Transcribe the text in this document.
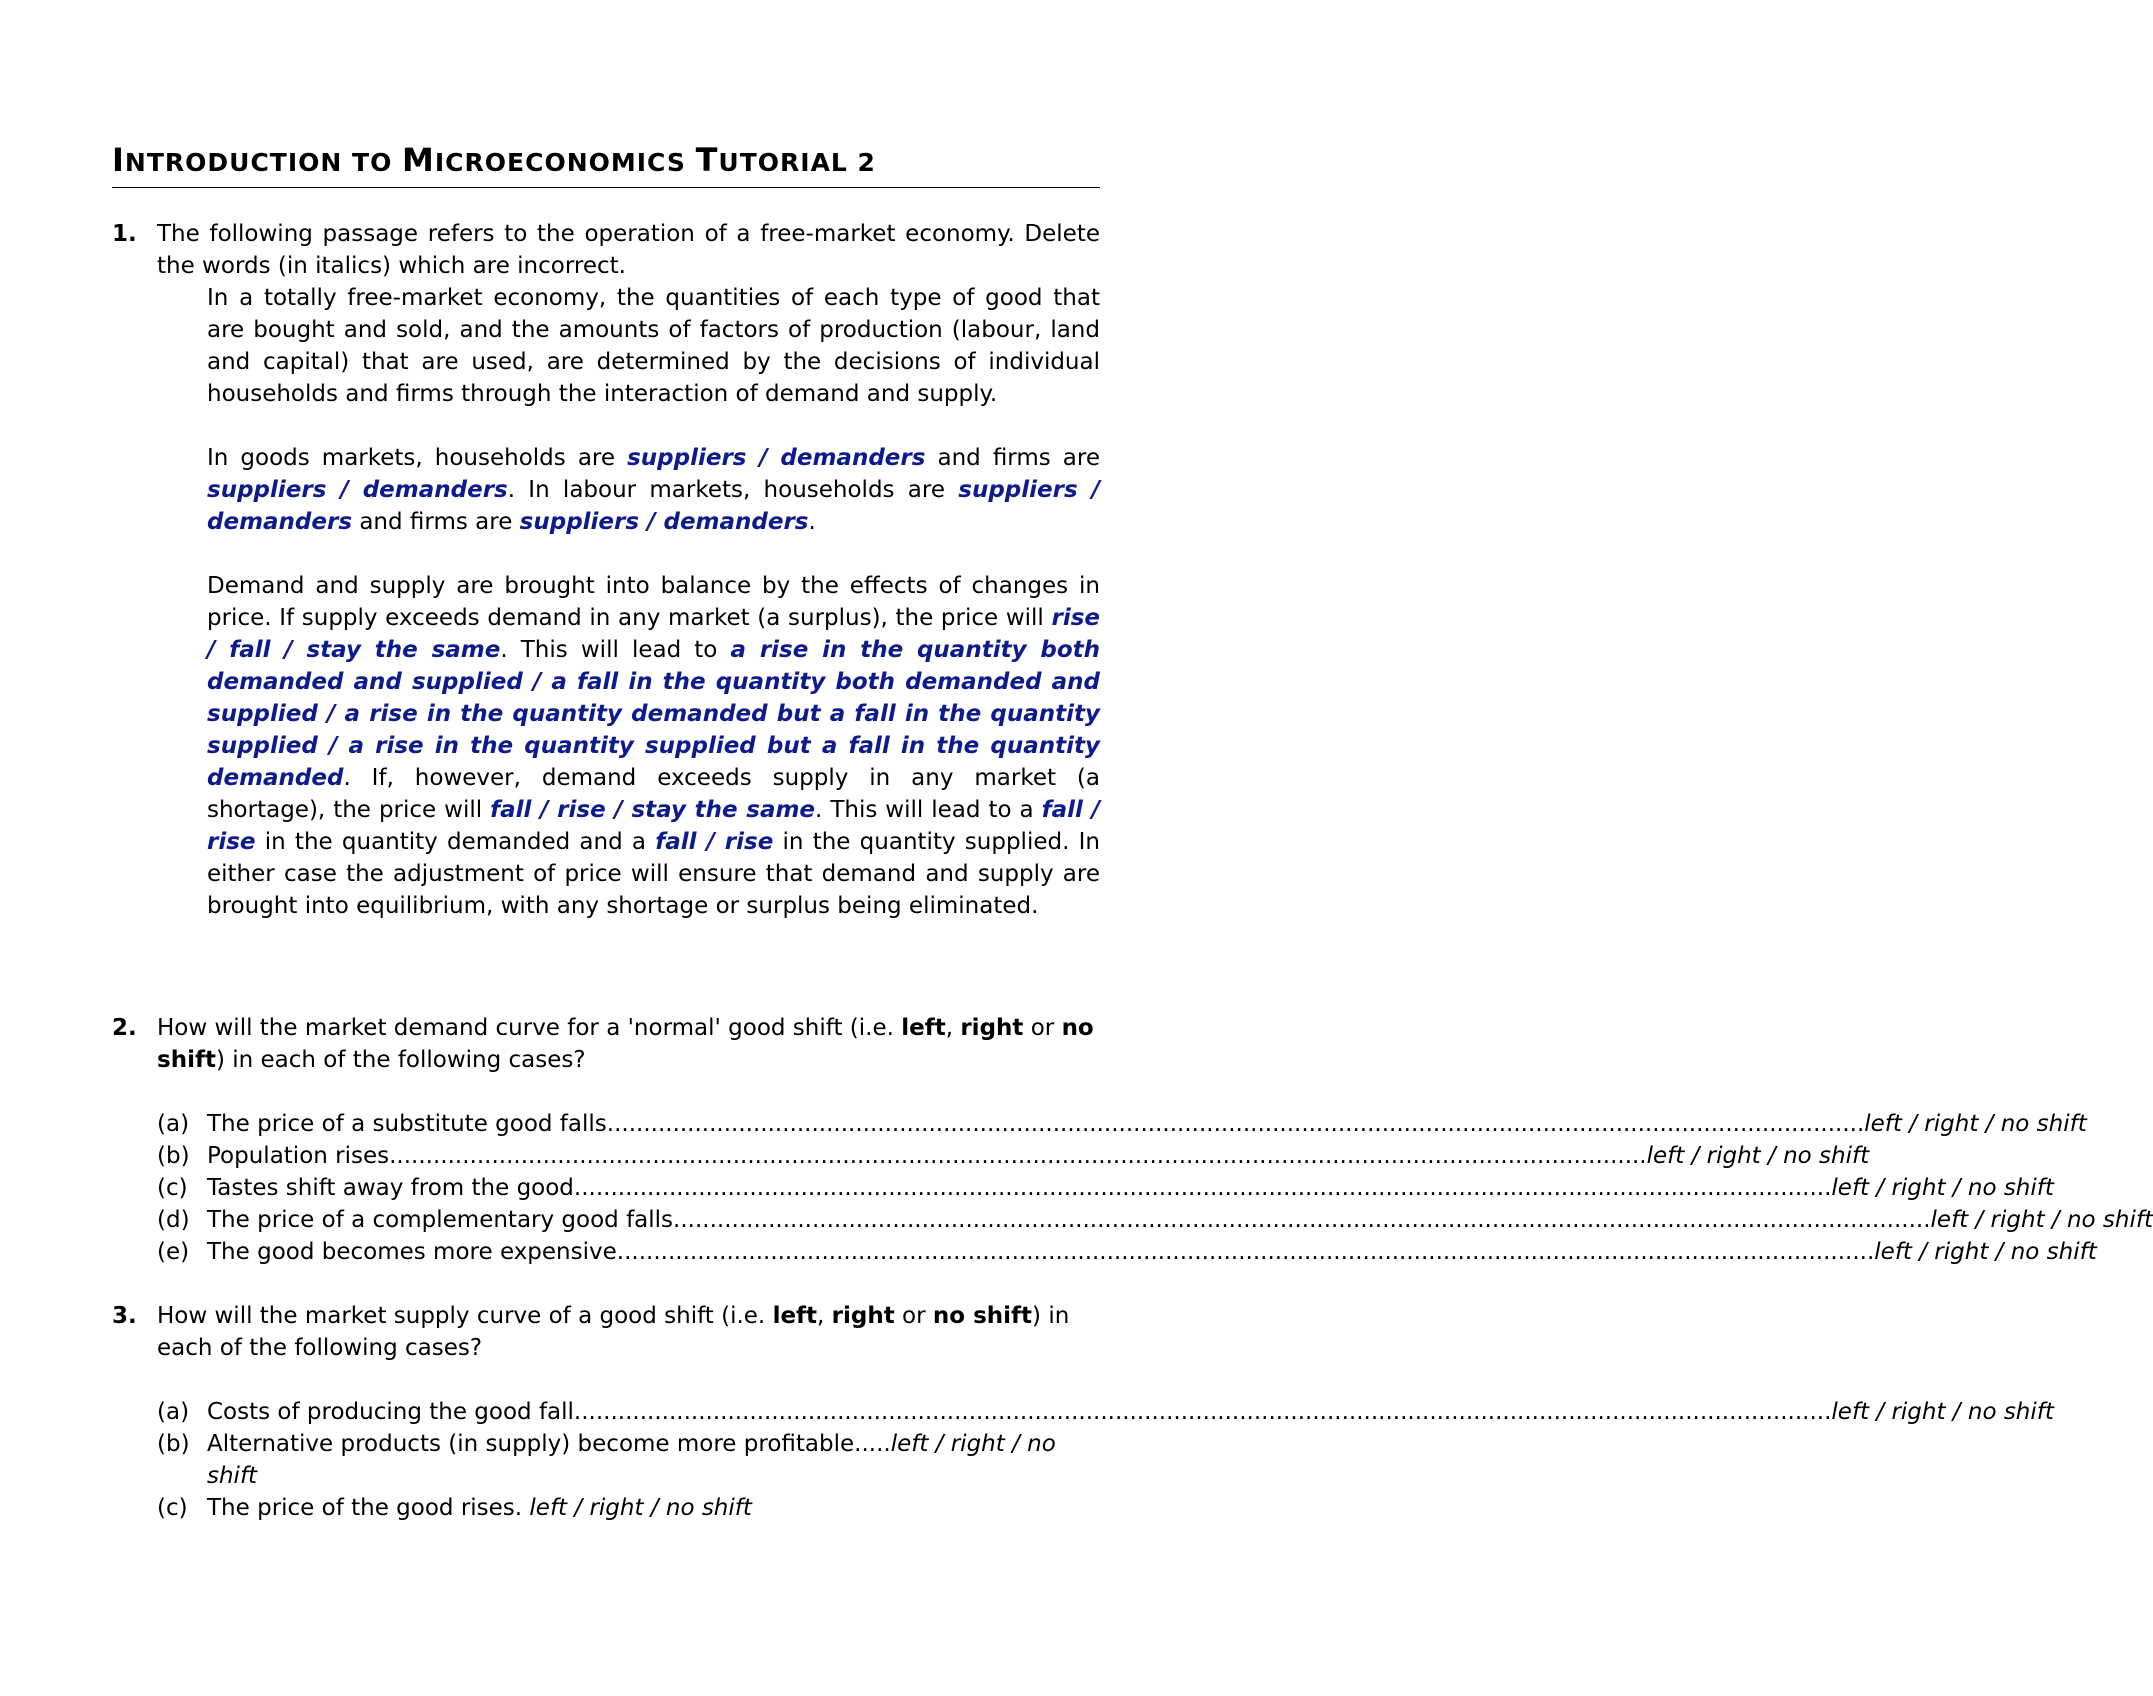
INTRODUCTION TO MICROECONOMICS TUTORIAL 2
1. The following passage refers to the operation of a free-market economy. Delete the words (in italics) which are incorrect.

In a totally free-market economy, the quantities of each type of good that are bought and sold, and the amounts of factors of production (labour, land and capital) that are used, are determined by the decisions of individual households and firms through the interaction of demand and supply.

In goods markets, households are suppliers / demanders and firms are suppliers / demanders. In labour markets, households are suppliers / demanders and firms are suppliers / demanders.

Demand and supply are brought into balance by the effects of changes in price. If supply exceeds demand in any market (a surplus), the price will rise / fall / stay the same. This will lead to a rise in the quantity both demanded and supplied / a fall in the quantity both demanded and supplied / a rise in the quantity demanded but a fall in the quantity supplied / a rise in the quantity supplied but a fall in the quantity demanded. If, however, demand exceeds supply in any market (a shortage), the price will fall / rise / stay the same. This will lead to a fall / rise in the quantity demanded and a fall / rise in the quantity supplied. In either case the adjustment of price will ensure that demand and supply are brought into equilibrium, with any shortage or surplus being eliminated.

2. How will the market demand curve for a 'normal' good shift (i.e. left, right or no shift) in each of the following cases?

(a) The price of a substitute good falls .....	left / right / no shift
(b) Population rises .....	left / right / no shift
(c) Tastes shift away from the good .....	left / right / no shift
(d) The price of a complementary good falls .....	left / right / no shift
(e) The good becomes more expensive .....	left / right / no shift
3. How will the market supply curve of a good shift (i.e. left, right or no shift) in each of the following cases?

(a) Costs of producing the good fall .....	left / right / no shift
(b) Alternative products (in supply) become more profitable.....left / right / no shift
(c) The price of the good rises. left / right / no shift
